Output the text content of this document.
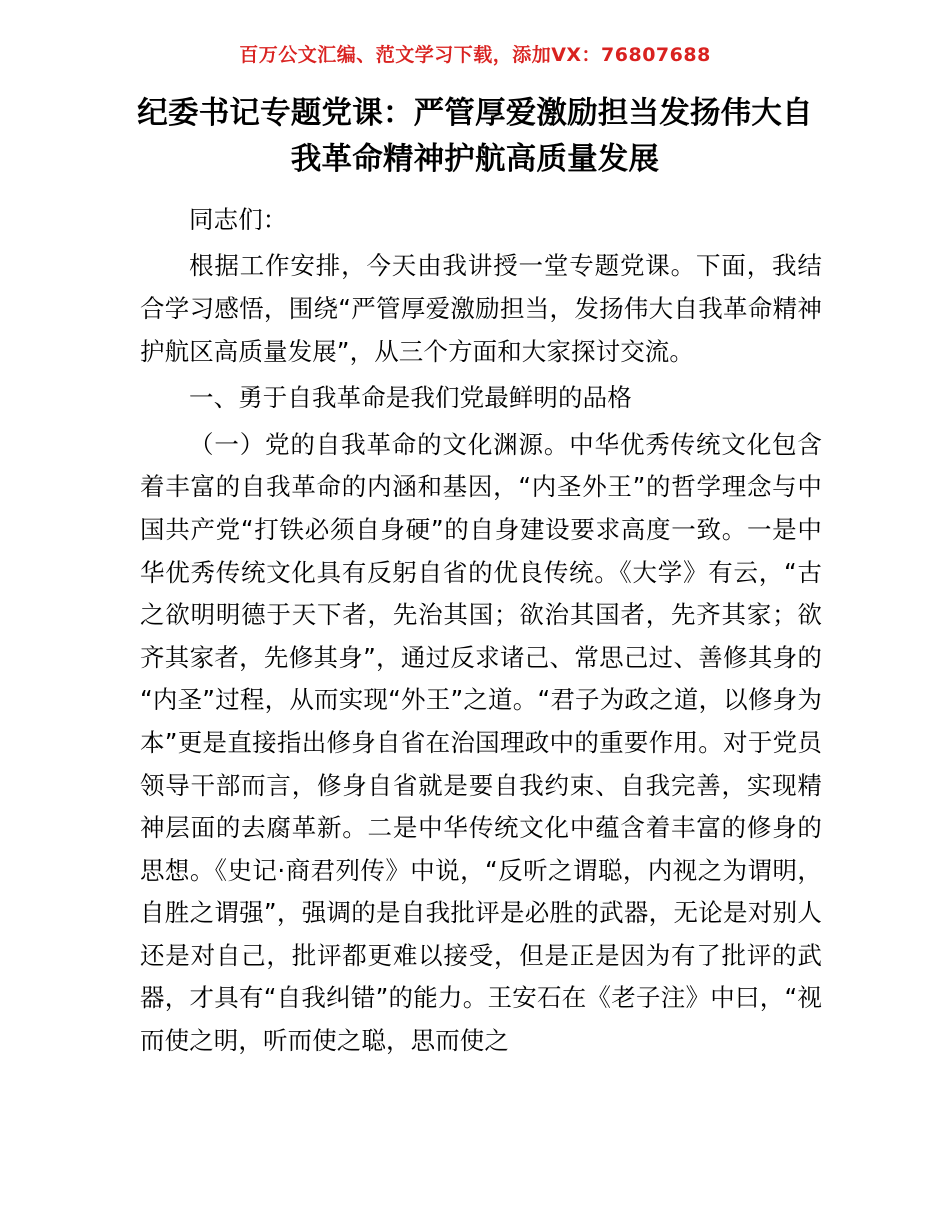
百万公文汇编、范文学习下载，添加VX：76807688
纪委书记专题党课：严管厚爱激励担当发扬伟大自我革命精神护航高质量发展

同志们：

根据工作安排，今天由我讲授一堂专题党课。下面，我结合学习感悟，围绕“严管厚爱激励担当，发扬伟大自我革命精神护航区高质量发展”，从三个方面和大家探讨交流。

一、勇于自我革命是我们党最鲜明的品格

（一）党的自我革命的文化渊源。中华优秀传统文化包含着丰富的自我革命的内涵和基因，“内圣外王”的哲学理念与中国共产党“打铁必须自身硬”的自身建设要求高度一致。一是中华优秀传统文化具有反躬自省的优良传统。《大学》有云，“古之欲明明德于天下者，先治其国；欲治其国者，先齐其家；欲齐其家者，先修其身”，通过反求诸己、常思己过、善修其身的“内圣”过程，从而实现“外王”之道。“君子为政之道，以修身为本”更是直接指出修身自省在治国理政中的重要作用。对于党员领导干部而言，修身自省就是要自我约束、自我完善，实现精神层面的去腐革新。二是中华传统文化中蕴含着丰富的修身的思想。《史记·商君列传》中说，“反听之谓聪，内视之为谓明，自胜之谓强”，强调的是自我批评是必胜的武器，无论是对别人还是对自己，批评都更难以接受，但是正是因为有了批评的武器，才具有“自我纠错”的能力。王安石在《老子注》中曰，“视而使之明，听而使之聪，思而使之
